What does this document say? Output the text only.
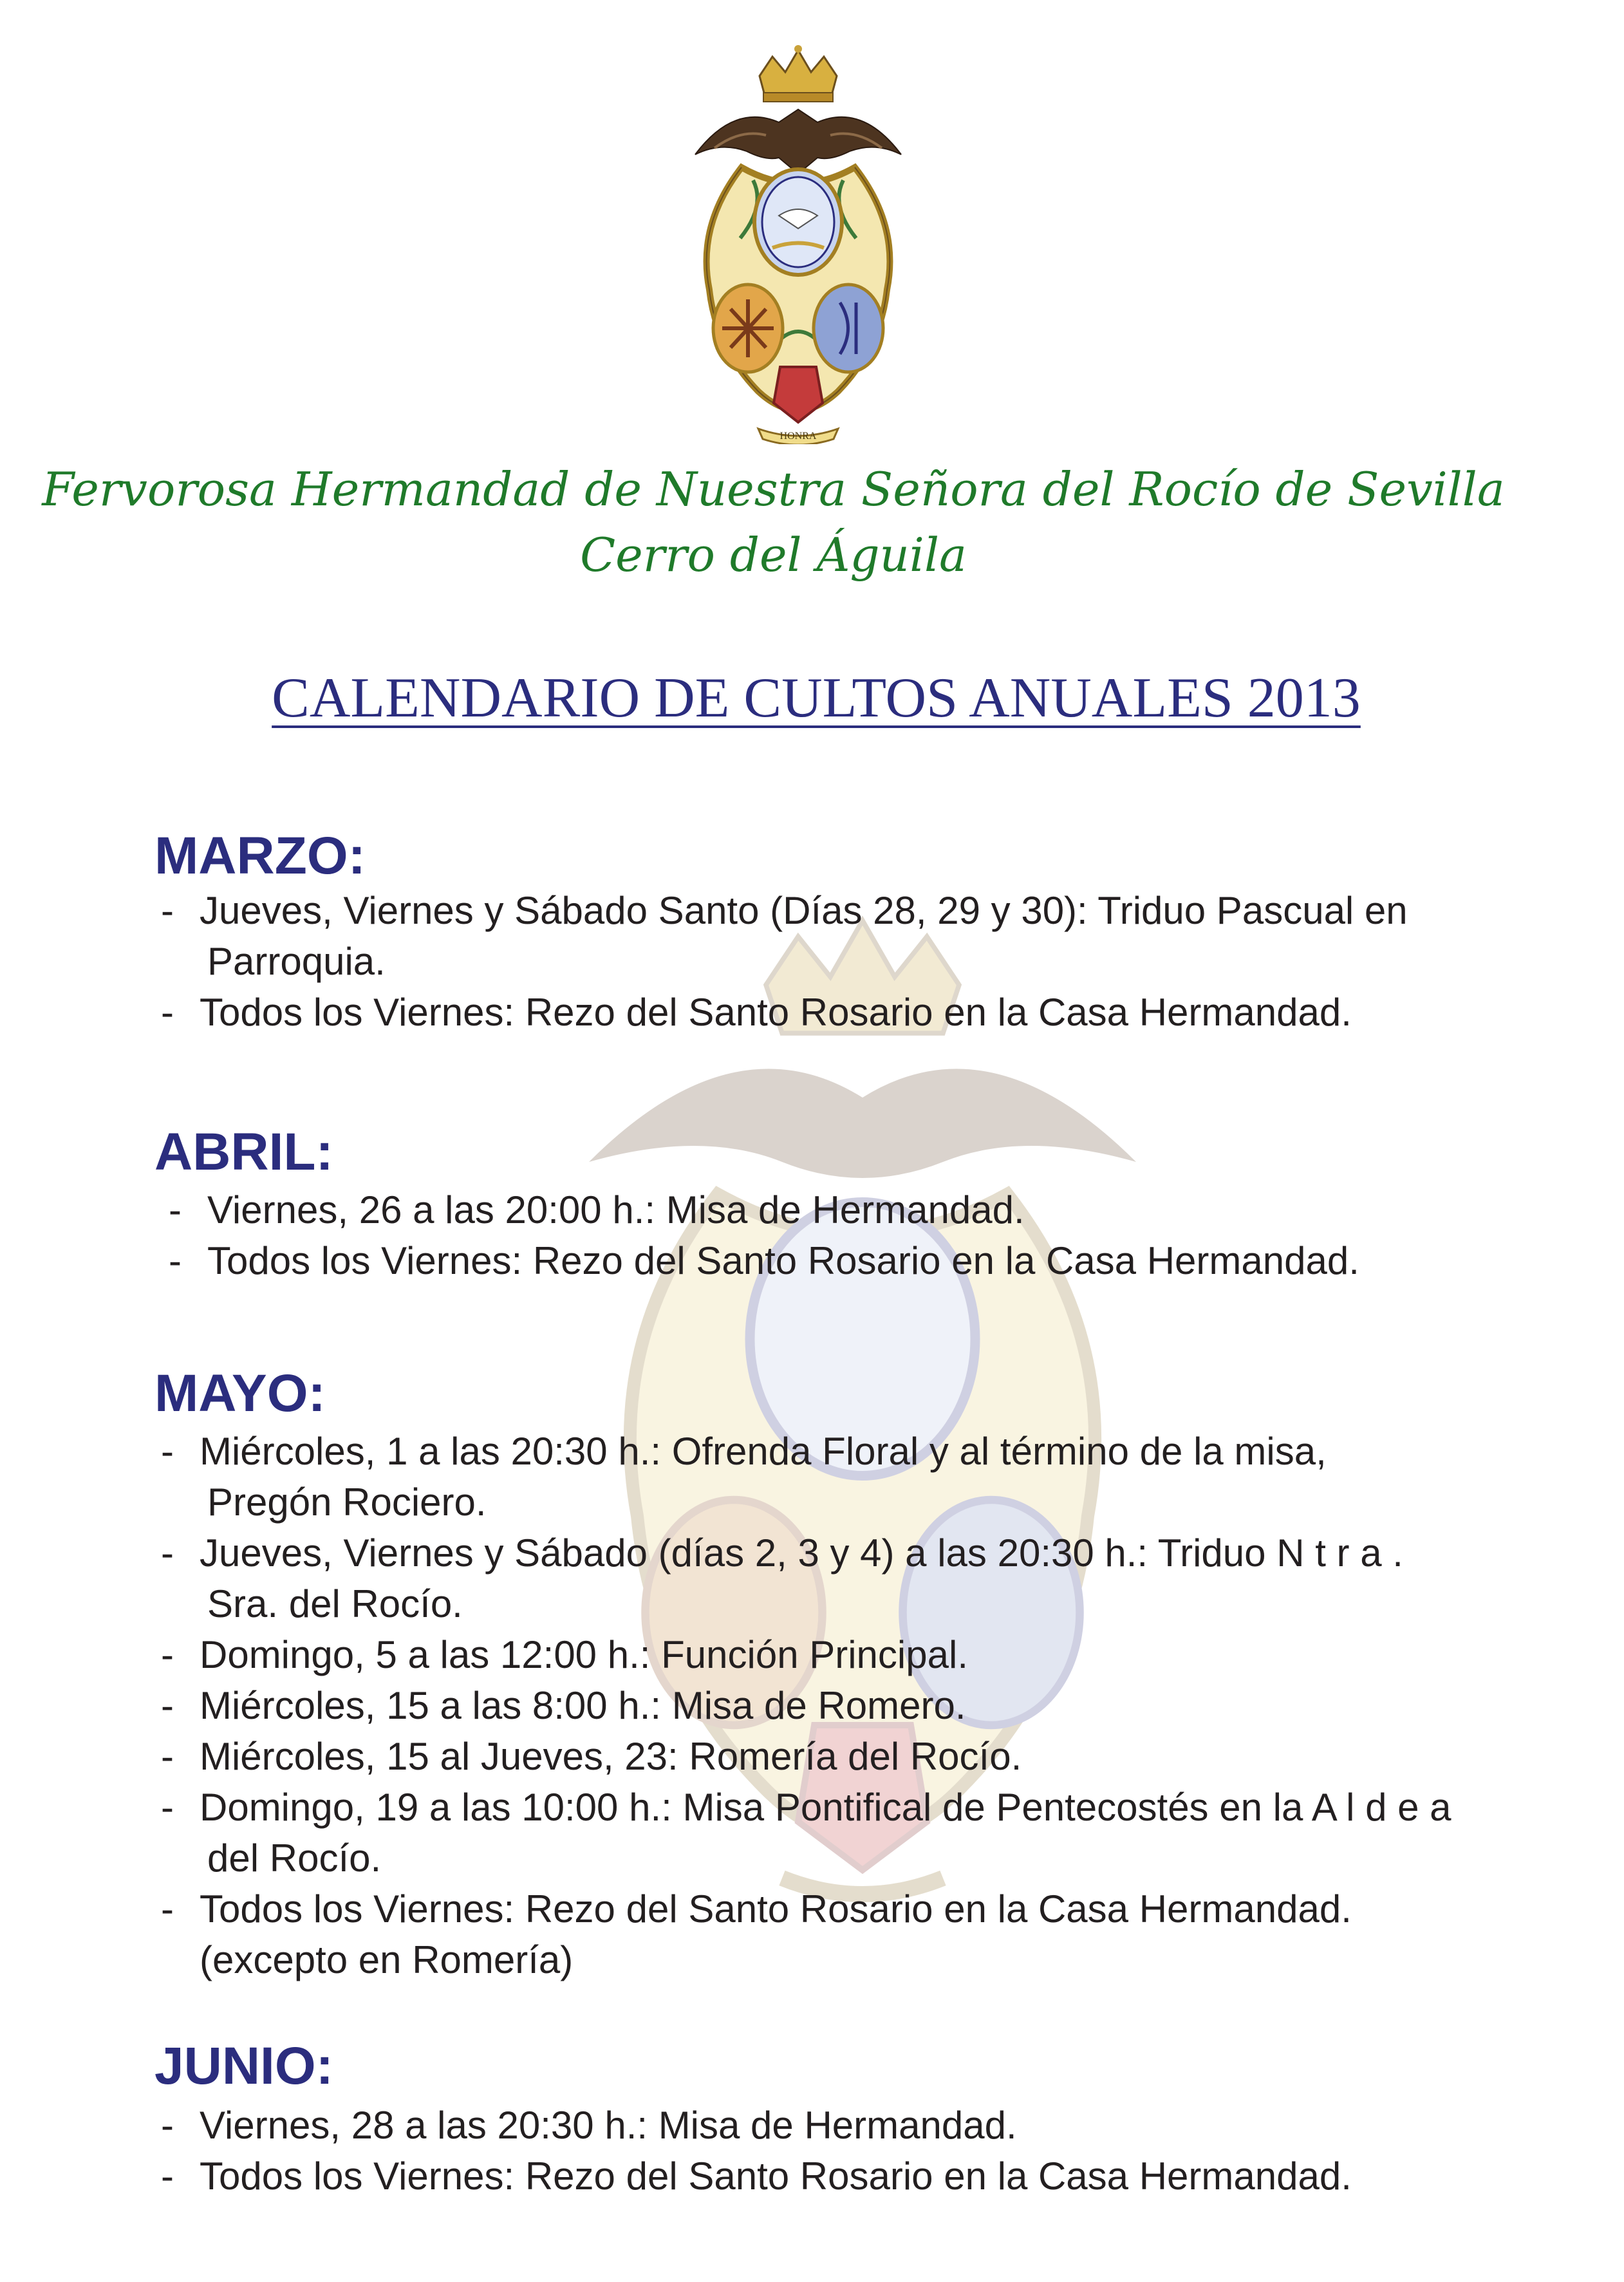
HONRA
Fervorosa Hermandad de Nuestra Señora del Rocío de Sevilla
Cerro del Águila
CALENDARIO DE CULTOS ANUALES 2013
MARZO:
- Jueves, Viernes y Sábado Santo (Días 28, 29 y 30): Triduo Pascual en
Parroquia.
- Todos los Viernes: Rezo del Santo Rosario en la Casa Hermandad.
ABRIL:
- Viernes, 26 a las 20:00 h.: Misa de Hermandad.
- Todos los Viernes: Rezo del Santo Rosario en la Casa Hermandad.
MAYO:
- Miércoles, 1 a las 20:30 h.: Ofrenda Floral y al término de la misa,
Pregón Rociero.
- Jueves, Viernes y Sábado (días 2, 3 y 4) a las 20:30 h.: Triduo N t r a .
Sra. del Rocío.
- Domingo, 5 a las 12:00 h.: Función Principal.
- Miércoles, 15 a las 8:00 h.: Misa de Romero.
- Miércoles, 15 al Jueves, 23: Romería del Rocío.
- Domingo, 19 a las 10:00 h.: Misa Pontifical de Pentecostés en la A l d e a
del Rocío.
- Todos los Viernes: Rezo del Santo Rosario en la Casa Hermandad.
(excepto en Romería)
JUNIO:
- Viernes, 28 a las 20:30 h.: Misa de Hermandad.
- Todos los Viernes: Rezo del Santo Rosario en la Casa Hermandad.
